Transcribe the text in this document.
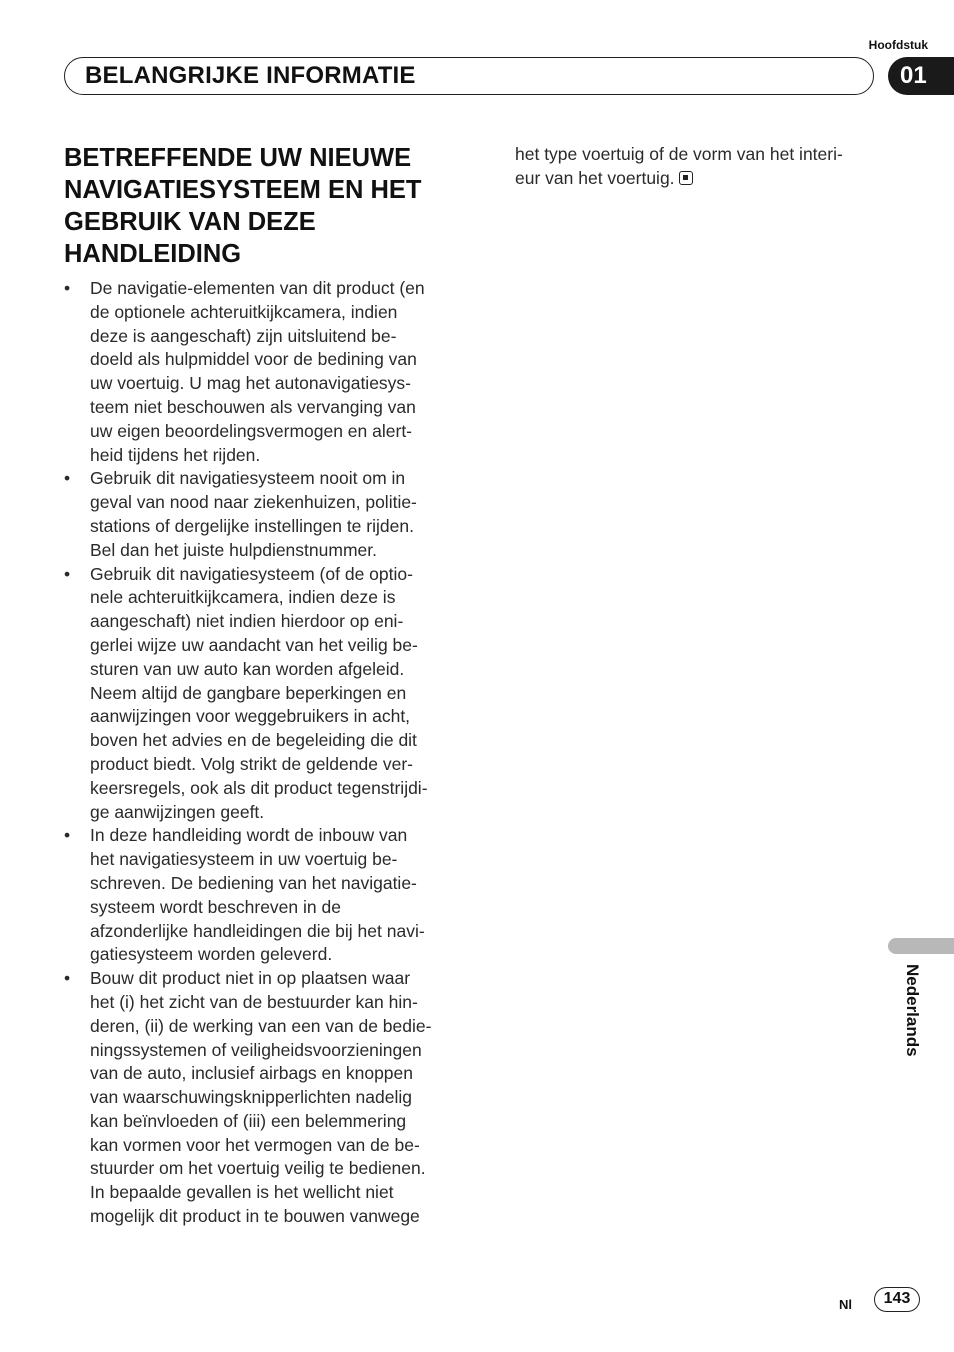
Hoofdstuk
BELANGRIJKE INFORMATIE	01
BETREFFENDE UW NIEUWE NAVIGATIESYSTEEM EN HET GEBRUIK VAN DEZE HANDLEIDING
•	De navigatie-elementen van dit product (en
de optionele achteruitkijkcamera, indien
deze is aangeschaft) zijn uitsluitend be-
doeld als hulpmiddel voor de bedining van
uw voertuig. U mag het autonavigatiesys-
teem niet beschouwen als vervanging van
uw eigen beoordelingsvermogen en alert-
heid tijdens het rijden.
•	Gebruik dit navigatiesysteem nooit om in
geval van nood naar ziekenhuizen, politie-
stations of dergelijke instellingen te rijden.
Bel dan het juiste hulpdienstnummer.
•	Gebruik dit navigatiesysteem (of de optio-
nele achteruitkijkcamera, indien deze is
aangeschaft) niet indien hierdoor op eni-
gerlei wijze uw aandacht van het veilig be-
sturen van uw auto kan worden afgeleid.
Neem altijd de gangbare beperkingen en
aanwijzingen voor weggebruikers in acht,
boven het advies en de begeleiding die dit
product biedt. Volg strikt de geldende ver-
keersregels, ook als dit product tegenstrijdi-
ge aanwijzingen geeft.
•	In deze handleiding wordt de inbouw van
het navigatiesysteem in uw voertuig be-
schreven. De bediening van het navigatie-
systeem wordt beschreven in de
afzonderlijke handleidingen die bij het navi-
gatiesysteem worden geleverd.
•	Bouw dit product niet in op plaatsen waar
het (i) het zicht van de bestuurder kan hin-
deren, (ii) de werking van een van de bedie-
ningssystemen of veiligheidsvoorzieningen
van de auto, inclusief airbags en knoppen
van waarschuwingsknipperlichten nadelig
kan beïnvloeden of (iii) een belemmering
kan vormen voor het vermogen van de be-
stuurder om het voertuig veilig te bedienen.
In bepaalde gevallen is het wellicht niet
mogelijk dit product in te bouwen vanwege
het type voertuig of de vorm van het interi-
eur van het voertuig.
Nederlands
Nl	143
